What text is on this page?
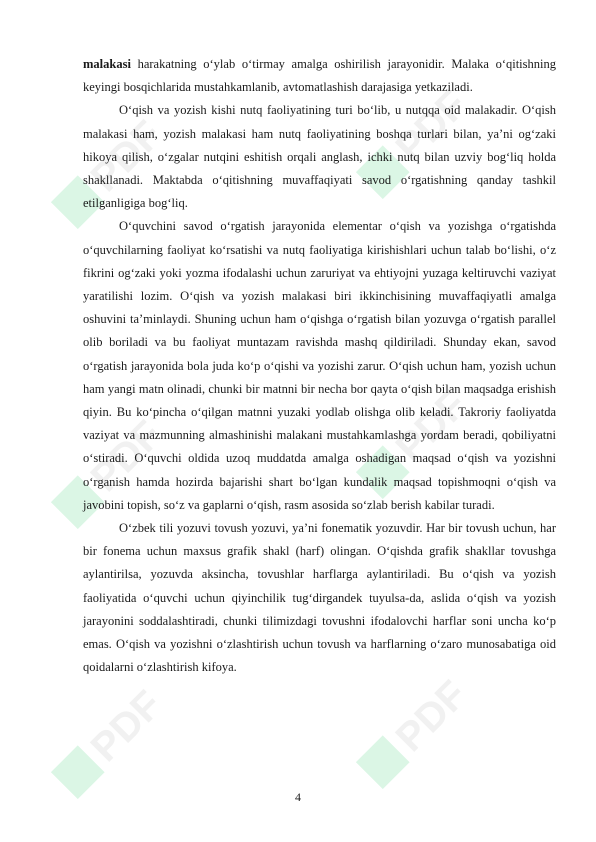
PDF	PDF
PDF	PDF
PDF	PDF

malakasi harakatning o‘ylab o‘tirmay amalga oshirilish jarayonidir. Malaka o‘qitishning keyingi bosqichlarida mustahkamlanib, avtomatlashish darajasiga yetkaziladi.

O‘qish va yozish kishi nutq faoliyatining turi bo‘lib, u nutqqa oid malakadir. O‘qish malakasi ham, yozish malakasi ham nutq faoliyatining boshqa turlari bilan, ya’ni og‘zaki hikoya qilish, o‘zgalar nutqini eshitish orqali anglash, ichki nutq bilan uzviy bog‘liq holda shakllanadi. Maktabda o‘qitishning muvaffaqiyati savod o‘rgatishning qanday tashkil etilganligiga bog‘liq.

O‘quvchini savod o‘rgatish jarayonida elementar o‘qish va yozishga o‘rgatishda o‘quvchilarning faoliyat ko‘rsatishi va nutq faoliyatiga kirishishlari uchun talab bo‘lishi, o‘z fikrini og‘zaki yoki yozma ifodalashi uchun zaruriyat va ehtiyojni yuzaga keltiruvchi vaziyat yaratilishi lozim. O‘qish va yozish malakasi biri ikkinchisining muvaffaqiyatli amalga oshuvini ta’minlaydi. Shuning uchun ham o‘qishga o‘rgatish bilan yozuvga o‘rgatish parallel olib boriladi va bu faoliyat muntazam ravishda mashq qildiriladi. Shunday ekan, savod o‘rgatish jarayonida bola juda ko‘p o‘qishi va yozishi zarur. O‘qish uchun ham, yozish uchun ham yangi matn olinadi, chunki bir matnni bir necha bor qayta o‘qish bilan maqsadga erishish qiyin. Bu ko‘pincha o‘qilgan matnni yuzaki yodlab olishga olib keladi. Takroriy faoliyatda vaziyat va mazmunning almashinishi malakani mustahkamlashga yordam beradi, qobiliyatni o‘stiradi. O‘quvchi oldida uzoq muddatda amalga oshadigan maqsad o‘qish va yozishni o‘rganish hamda hozirda bajarishi shart bo‘lgan kundalik maqsad topishmoqni o‘qish va javobini topish, so‘z va gaplarni o‘qish, rasm asosida so‘zlab berish kabilar turadi.

O‘zbek tili yozuvi tovush yozuvi, ya’ni fonematik yozuvdir. Har bir tovush uchun, har bir fonema uchun maxsus grafik shakl (harf) olingan. O‘qishda grafik shakllar tovushga aylantirilsa, yozuvda aksincha, tovushlar harflarga aylantiriladi. Bu o‘qish va yozish faoliyatida o‘quvchi uchun qiyinchilik tug‘dirgandek tuyulsa-da, aslida o‘qish va yozish jarayonini soddalashtiradi, chunki tilimizdagi tovushni ifodalovchi harflar soni uncha ko‘p emas. O‘qish va yozishni o‘zlashtirish uchun tovush va harflarning o‘zaro munosabatiga oid qoidalarni o‘zlashtirish kifoya.

4
